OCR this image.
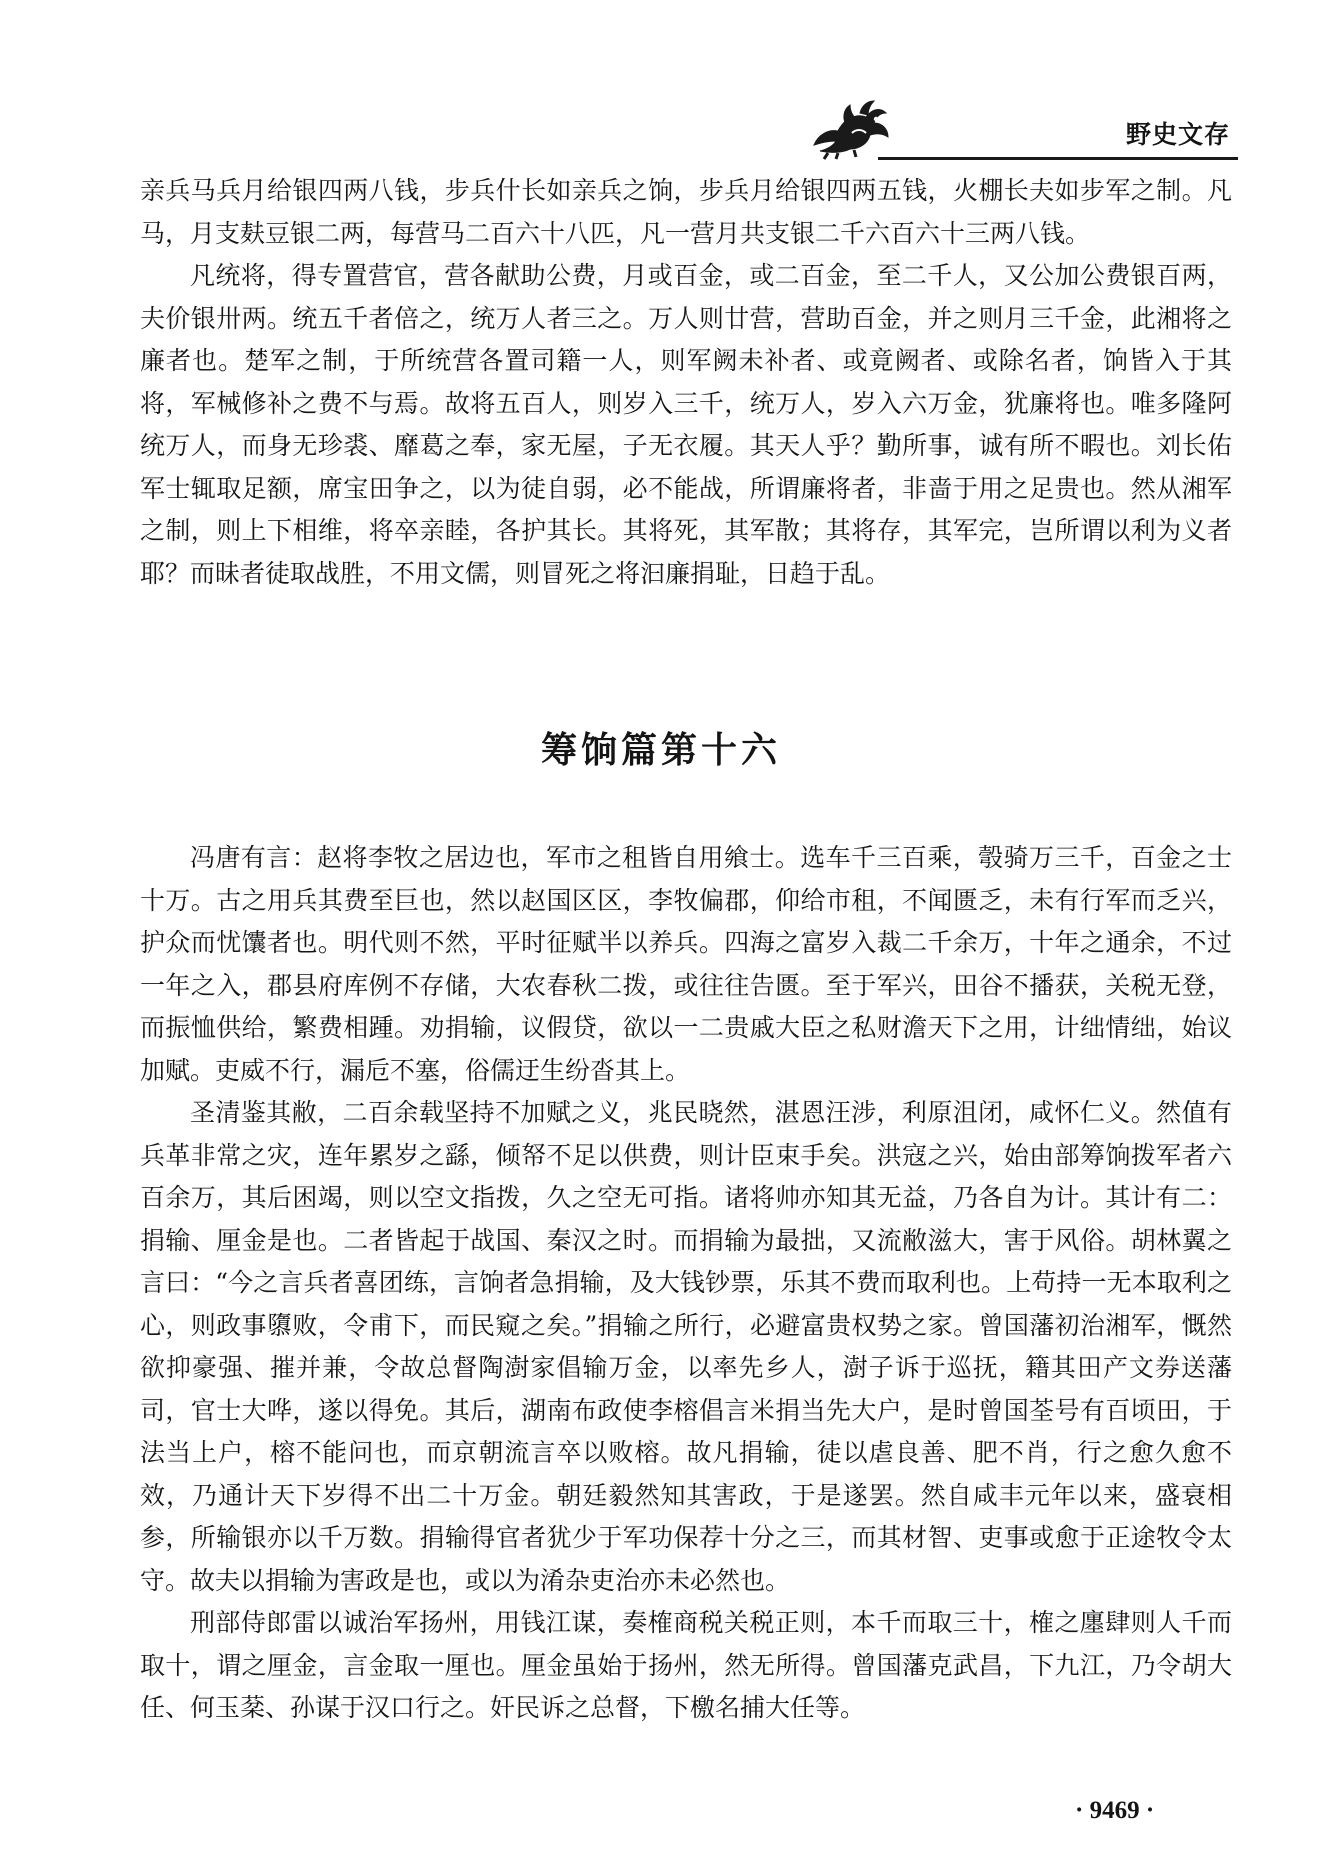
野史文存

亲兵马兵月给银四两八钱，步兵什长如亲兵之饷，步兵月给银四两五钱，火棚长夫如步军之制。凡马，月支麸豆银二两，每营马二百六十八匹，凡一营月共支银二千六百六十三两八钱。

凡统将，得专置营官，营各献助公费，月或百金，或二百金，至二千人，又公加公费银百两，夫价银卅两。统五千者倍之，统万人者三之。万人则廿营，营助百金，并之则月三千金，此湘将之廉者也。楚军之制，于所统营各置司籍一人，则军阙未补者、或竟阙者、或除名者，饷皆入于其将，军械修补之费不与焉。故将五百人，则岁入三千，统万人，岁入六万金，犹廉将也。唯多隆阿统万人，而身无珍裘、靡葛之奉，家无屋，子无衣履。其天人乎？勤所事，诚有所不暇也。刘长佑军士辄取足额，席宝田争之，以为徒自弱，必不能战，所谓廉将者，非啬于用之足贵也。然从湘军之制，则上下相维，将卒亲睦，各护其长。其将死，其军散；其将存，其军完，岂所谓以利为义者耶？而昧者徒取战胜，不用文儒，则冒死之将汩廉捐耻，日趋于乱。

筹饷篇第十六

冯唐有言：赵将李牧之居边也，军市之租皆自用飨士。选车千三百乘，彀骑万三千，百金之士十万。古之用兵其费至巨也，然以赵国区区，李牧偏郡，仰给市租，不闻匮乏，未有行军而乏兴，护众而忧馕者也。明代则不然，平时征赋半以养兵。四海之富岁入裁二千余万，十年之通余，不过一年之入，郡县府库例不存储，大农春秋二拨，或往往告匮。至于军兴，田谷不播获，关税无登，而振恤供给，繁费相踵。劝捐输，议假贷，欲以一二贵戚大臣之私财澹天下之用，计绌情绌，始议加赋。吏威不行，漏卮不塞，俗儒迂生纷沓其上。

圣清鉴其敝，二百余载坚持不加赋之义，兆民晓然，湛恩汪涉，利原沮闭，咸怀仁义。然值有兵革非常之灾，连年累岁之繇，倾帑不足以供费，则计臣束手矣。洪寇之兴，始由部筹饷拨军者六百余万，其后困竭，则以空文指拨，久之空无可指。诸将帅亦知其无益，乃各自为计。其计有二：捐输、厘金是也。二者皆起于战国、秦汉之时。而捐输为最拙，又流敝滋大，害于风俗。胡林翼之言曰：“今之言兵者喜团练，言饷者急捐输，及大钱钞票，乐其不费而取利也。上苟持一无本取利之心，则政事隳败，令甫下，而民窥之矣。”捐输之所行，必避富贵权势之家。曾国藩初治湘军，慨然欲抑豪强、摧并兼，令故总督陶澍家倡输万金，以率先乡人，澍子诉于巡抚，籍其田产文券送藩司，官士大哗，遂以得免。其后，湖南布政使李榕倡言米捐当先大户，是时曾国荃号有百顷田，于法当上户，榕不能问也，而京朝流言卒以败榕。故凡捐输，徒以虐良善、肥不肖，行之愈久愈不效，乃通计天下岁得不出二十万金。朝廷毅然知其害政，于是遂罢。然自咸丰元年以来，盛衰相参，所输银亦以千万数。捐输得官者犹少于军功保荐十分之三，而其材智、吏事或愈于正途牧令太守。故夫以捐输为害政是也，或以为淆杂吏治亦未必然也。

刑部侍郎雷以诚治军扬州，用钱江谋，奏榷商税关税正则，本千而取三十，榷之廛肆则人千而取十，谓之厘金，言金取一厘也。厘金虽始于扬州，然无所得。曾国藩克武昌，下九江，乃令胡大任、何玉棻、孙谋于汉口行之。奸民诉之总督，下檄名捕大任等。

· 9469 ·
